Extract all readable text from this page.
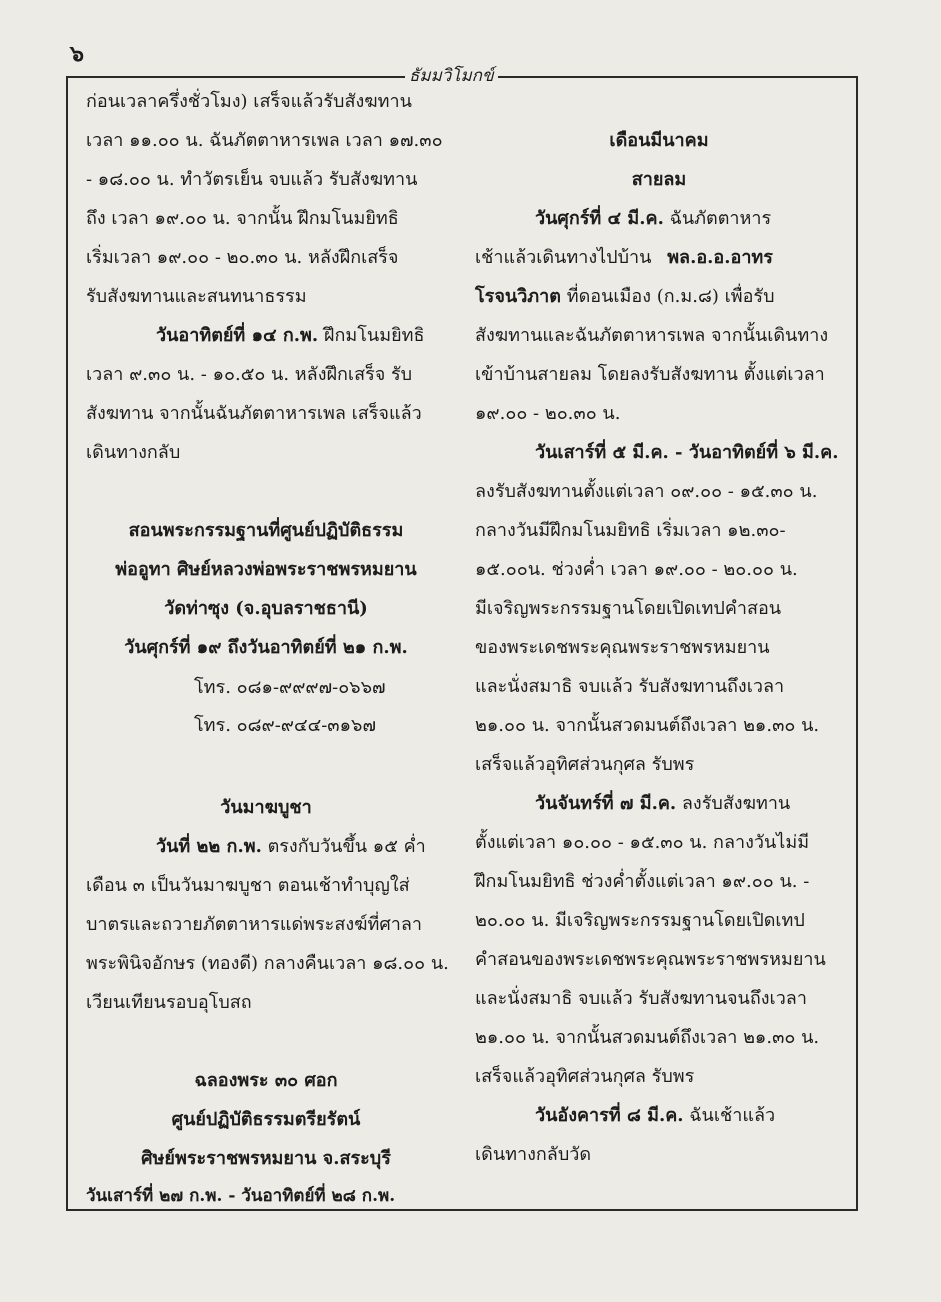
๖
ธัมมวิโมกข์
ก่อนเวลาครึ่งชั่วโมง) เสร็จแล้วรับสังฆทาน
เวลา ๑๑.๐๐ น. ฉันภัตตาหารเพล เวลา ๑๗.๓๐
- ๑๘.๐๐ น. ทำวัตรเย็น จบแล้ว รับสังฆทาน
ถึง เวลา ๑๙.๐๐ น. จากนั้น ฝึกมโนมยิทธิ
เริ่มเวลา ๑๙.๐๐ - ๒๐.๓๐ น. หลังฝึกเสร็จ
รับสังฆทานและสนทนาธรรม
วันอาทิตย์ที่ ๑๔ ก.พ. ฝึกมโนมยิทธิ
เวลา ๙.๓๐ น. - ๑๐.๕๐ น. หลังฝึกเสร็จ รับ
สังฆทาน จากนั้นฉันภัตตาหารเพล เสร็จแล้ว
เดินทางกลับ
สอนพระกรรมฐานที่ศูนย์ปฏิบัติธรรม
พ่ออูทา ศิษย์หลวงพ่อพระราชพรหมยาน
วัดท่าซุง (จ.อุบลราชธานี)
วันศุกร์ที่ ๑๙ ถึงวันอาทิตย์ที่ ๒๑ ก.พ.
โทร. ๐๘๑-๙๙๙๗-๐๖๖๗
โทร. ๐๘๙-๙๔๔-๓๑๖๗
วันมาฆบูชา
วันที่ ๒๒ ก.พ. ตรงกับวันขึ้น ๑๕ ค่ำ
เดือน ๓ เป็นวันมาฆบูชา ตอนเช้าทำบุญใส่
บาตรและถวายภัตตาหารแด่พระสงฆ์ที่ศาลา
พระพินิจอักษร (ทองดี) กลางคืนเวลา ๑๘.๐๐ น.
เวียนเทียนรอบอุโบสถ
ฉลองพระ ๓๐ ศอก
ศูนย์ปฏิบัติธรรมตรียรัตน์
ศิษย์พระราชพรหมยาน จ.สระบุรี
วันเสาร์ที่ ๒๗ ก.พ. - วันอาทิตย์ที่ ๒๘ ก.พ.
เดือนมีนาคม
สายลม
วันศุกร์ที่ ๔ มี.ค. ฉันภัตตาหาร
เช้าแล้วเดินทางไปบ้าน พล.อ.อ.อาทร
โรจนวิภาต ที่ดอนเมือง (ก.ม.๘) เพื่อรับ
สังฆทานและฉันภัตตาหารเพล จากนั้นเดินทาง
เข้าบ้านสายลม โดยลงรับสังฆทาน ตั้งแต่เวลา
๑๙.๐๐ - ๒๐.๓๐ น.
วันเสาร์ที่ ๕ มี.ค. - วันอาทิตย์ที่ ๖ มี.ค.
ลงรับสังฆทานตั้งแต่เวลา ๐๙.๐๐ - ๑๕.๓๐ น.
กลางวันมีฝึกมโนมยิทธิ เริ่มเวลา ๑๒.๓๐-
๑๕.๐๐น. ช่วงค่ำ เวลา ๑๙.๐๐ - ๒๐.๐๐ น.
มีเจริญพระกรรมฐานโดยเปิดเทปคำสอน
ของพระเดชพระคุณพระราชพรหมยาน
และนั่งสมาธิ จบแล้ว รับสังฆทานถึงเวลา
๒๑.๐๐ น. จากนั้นสวดมนต์ถึงเวลา ๒๑.๓๐ น.
เสร็จแล้วอุทิศส่วนกุศล รับพร
วันจันทร์ที่ ๗ มี.ค. ลงรับสังฆทาน
ตั้งแต่เวลา ๑๐.๐๐ - ๑๕.๓๐ น. กลางวันไม่มี
ฝึกมโนมยิทธิ ช่วงค่ำตั้งแต่เวลา ๑๙.๐๐ น. -
๒๐.๐๐ น. มีเจริญพระกรรมฐานโดยเปิดเทป
คำสอนของพระเดชพระคุณพระราชพรหมยาน
และนั่งสมาธิ จบแล้ว รับสังฆทานจนถึงเวลา
๒๑.๐๐ น. จากนั้นสวดมนต์ถึงเวลา ๒๑.๓๐ น.
เสร็จแล้วอุทิศส่วนกุศล รับพร
วันอังคารที่ ๘ มี.ค. ฉันเช้าแล้ว
เดินทางกลับวัด
